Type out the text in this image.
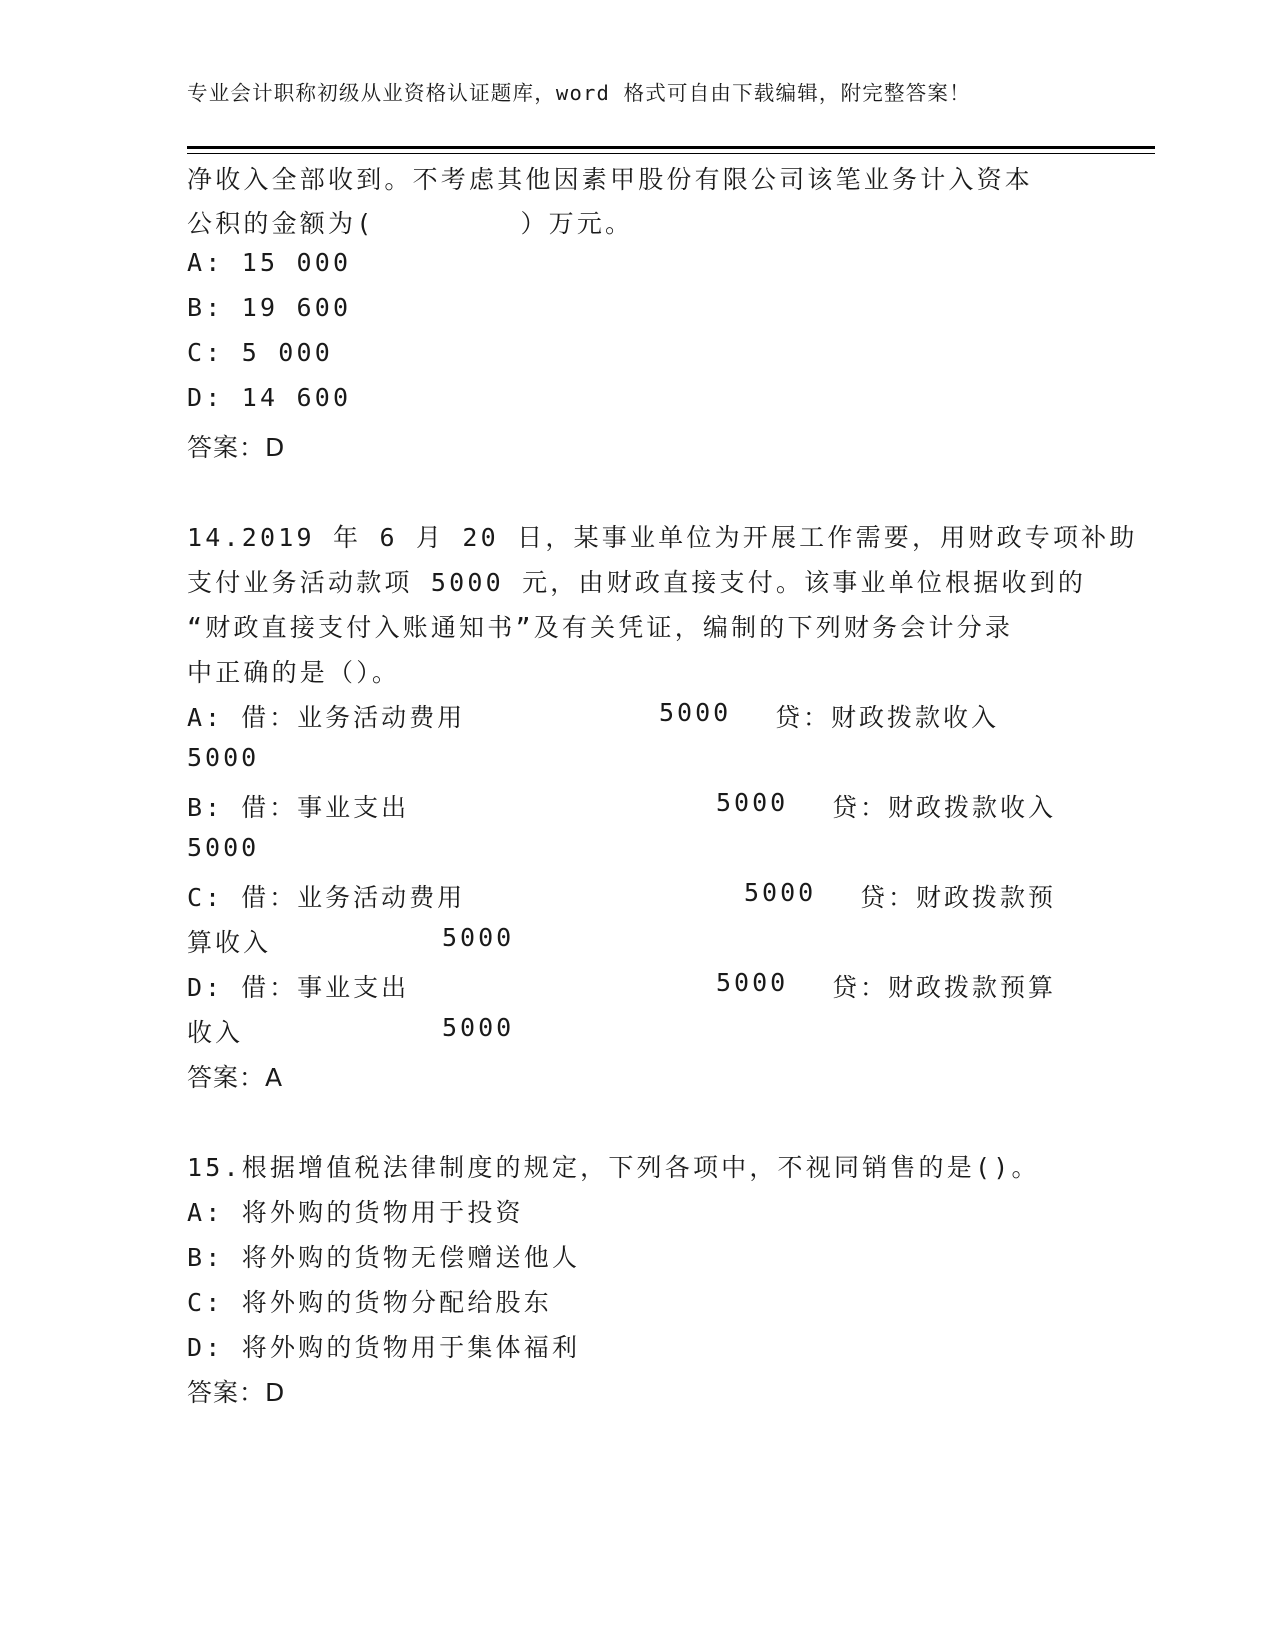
专业会计职称初级从业资格认证题库，word 格式可自由下载编辑，附完整答案！
净收入全部收到。不考虑其他因素甲股份有限公司该笔业务计入资本
公积的金额为(        ）万元。
A: 15 000
B: 19 600
C: 5 000
D: 14 600
答案：D
14.2019 年 6 月 20 日，某事业单位为开展工作需要，用财政专项补助
支付业务活动款项 5000 元，由财政直接支付。该事业单位根据收到的
“财政直接支付入账通知书”及有关凭证，编制的下列财务会计分录
中正确的是（）。
A: 借：业务活动费用	5000 贷：财政拨款收入
5000
B: 借：事业支出	5000 贷：财政拨款收入
5000
C: 借：业务活动费用	5000 贷：财政拨款预
算收入	5000
D: 借：事业支出	5000 贷：财政拨款预算
收入	5000
答案：A
15.根据增值税法律制度的规定，下列各项中，不视同销售的是()。
A: 将外购的货物用于投资
B: 将外购的货物无偿赠送他人
C: 将外购的货物分配给股东
D: 将外购的货物用于集体福利
答案：D
